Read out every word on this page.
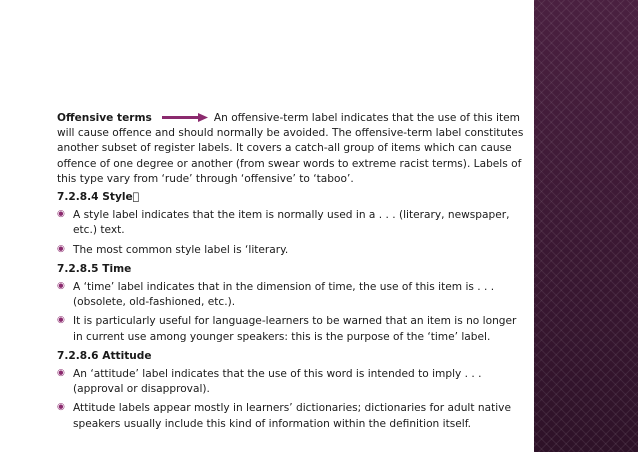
Offensive terms	An offensive-term label indicates that the use of this item will cause offence and should normally be avoided. The offensive-term label constitutes another subset of register labels. It covers a catch-all group of items which can cause offence of one degree or another (from swear words to extreme racist terms). Labels of this type vary from ‘rude’ through ‘offensive’ to ‘taboo’.

7.2.8.4 Style
◉ A style label indicates that the item is normally used in a . . . (literary, newspaper, etc.) text.
◉ The most common style label is ‘literary.
7.2.8.5 Time
◉ A ‘time’ label indicates that in the dimension of time, the use of this item is . . . (obsolete, old-fashioned, etc.).
◉ It is particularly useful for language-learners to be warned that an item is no longer in current use among younger speakers: this is the purpose of the ‘time’ label.
7.2.8.6 Attitude
◉ An ‘attitude’ label indicates that the use of this word is intended to imply . . . (approval or disapproval).
◉ Attitude labels appear mostly in learners’ dictionaries; dictionaries for adult native speakers usually include this kind of information within the definition itself.
